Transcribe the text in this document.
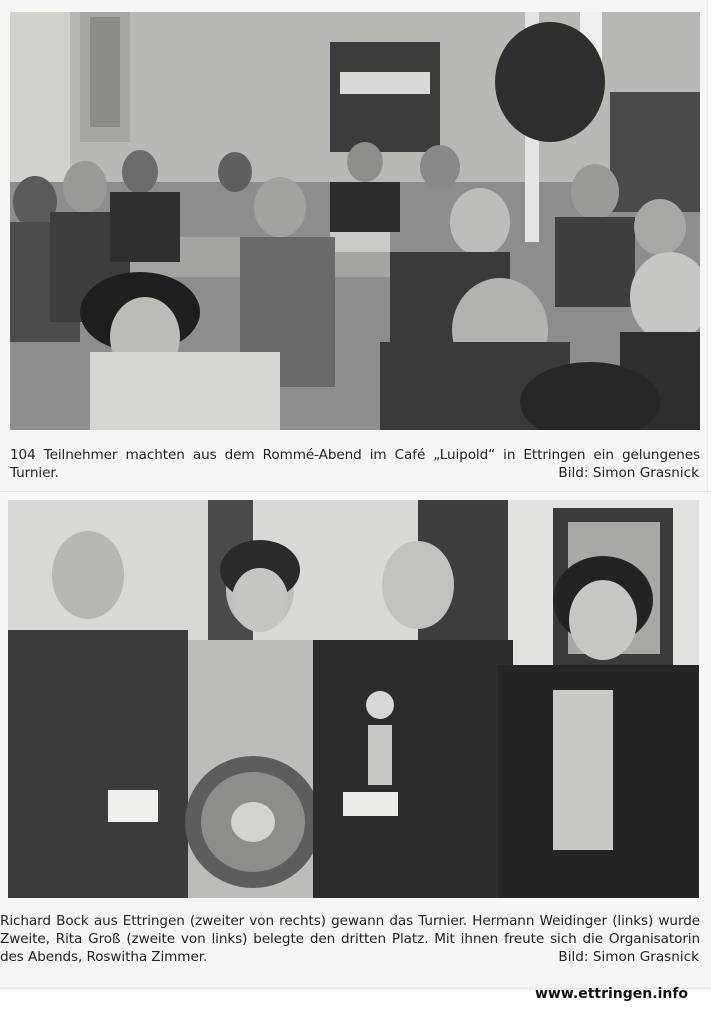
104 Teilnehmer machten aus dem Rommé-Abend im Café „Luipold“ in Ettringen ein gelungenes Turnier.	Bild: Simon Grasnick
Richard Bock aus Ettringen (zweiter von rechts) gewann das Turnier. Hermann Weidinger (links) wurde Zweite, Rita Groß (zweite von links) belegte den dritten Platz. Mit ihnen freute sich die Organisatorin des Abends, Roswitha Zimmer.	Bild: Simon Grasnick
www.ettringen.info
